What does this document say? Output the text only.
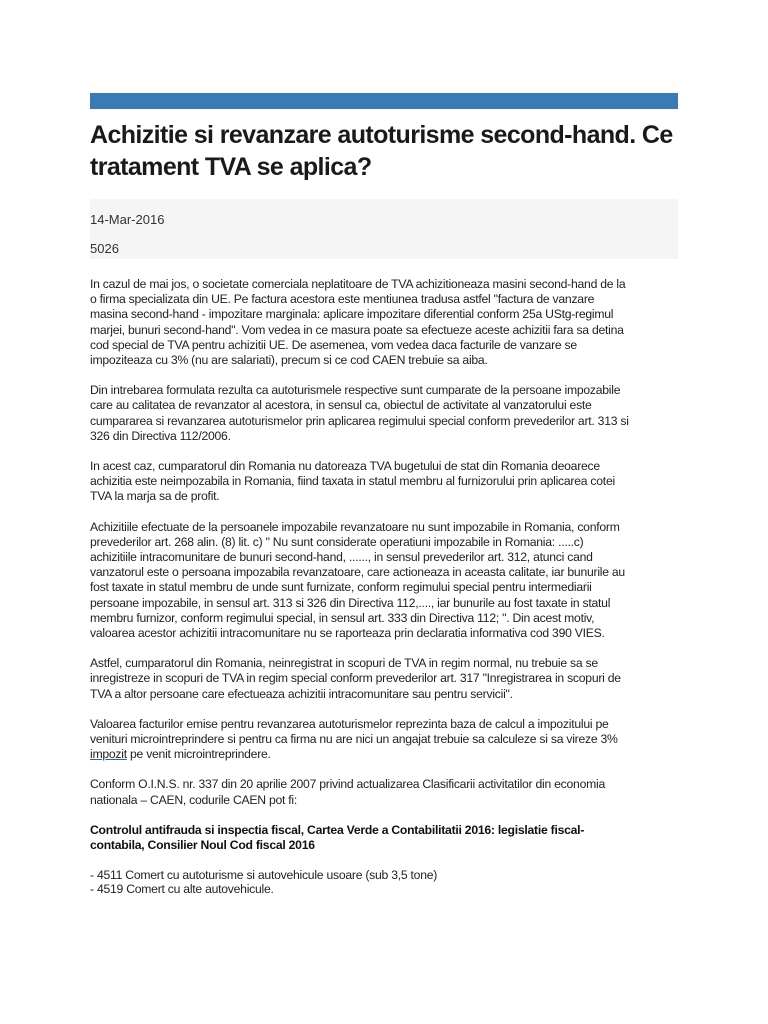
Achizitie si revanzare autoturisme second-hand. Ce tratament TVA se aplica?
14-Mar-2016
5026
In cazul de mai jos, o societate comerciala neplatitoare de TVA achizitioneaza masini second-hand de la
o firma specializata din UE. Pe factura acestora este mentiunea tradusa astfel "factura de vanzare
masina second-hand - impozitare marginala: aplicare impozitare diferential conform 25a UStg-regimul
marjei, bunuri second-hand". Vom vedea in ce masura poate sa efectueze aceste achizitii fara sa detina
cod special de TVA pentru achizitii UE. De asemenea, vom vedea daca facturile de vanzare se
impoziteaza cu 3% (nu are salariati), precum si ce cod CAEN trebuie sa aiba.
Din intrebarea formulata rezulta ca autoturismele respective sunt cumparate de la persoane impozabile
care au calitatea de revanzator al acestora, in sensul ca, obiectul de activitate al vanzatorului este
cumpararea si revanzarea autoturismelor prin aplicarea regimului special conform prevederilor art. 313 si
326 din Directiva 112/2006.
In acest caz, cumparatorul din Romania nu datoreaza TVA bugetului de stat din Romania deoarece
achizitia este neimpozabila in Romania, fiind taxata in statul membru al furnizorului prin aplicarea cotei
TVA la marja sa de profit.
Achizitiile efectuate de la persoanele impozabile revanzatoare nu sunt impozabile in Romania, conform
prevederilor art. 268 alin. (8) lit. c) " Nu sunt considerate operatiuni impozabile in Romania: .....c)
achizitiile intracomunitare de bunuri second-hand, ......, in sensul prevederilor art. 312, atunci cand
vanzatorul este o persoana impozabila revanzatoare, care actioneaza in aceasta calitate, iar bunurile au
fost taxate in statul membru de unde sunt furnizate, conform regimului special pentru intermediarii
persoane impozabile, in sensul art. 313 si 326 din Directiva 112,...., iar bunurile au fost taxate in statul
membru furnizor, conform regimului special, in sensul art. 333 din Directiva 112; ". Din acest motiv,
valoarea acestor achizitii intracomunitare nu se raporteaza prin declaratia informativa cod 390 VIES.
Astfel, cumparatorul din Romania, neinregistrat in scopuri de TVA in regim normal, nu trebuie sa se
inregistreze in scopuri de TVA in regim special conform prevederilor art. 317 "Inregistrarea in scopuri de
TVA a altor persoane care efectueaza achizitii intracomunitare sau pentru servicii".
Valoarea facturilor emise pentru revanzarea autoturismelor reprezinta baza de calcul a impozitului pe
venituri microintreprindere si pentru ca firma nu are nici un angajat trebuie sa calculeze si sa vireze 3%
impozit pe venit microintreprindere.
Conform O.I.N.S. nr. 337 din 20 aprilie 2007 privind actualizarea Clasificarii activitatilor din economia
nationala – CAEN, codurile CAEN pot fi:
Controlul antifrauda si inspectia fiscal, Cartea Verde a Contabilitatii 2016: legislatie fiscal-
contabila, Consilier Noul Cod fiscal 2016
- 4511 Comert cu autoturisme si autovehicule usoare (sub 3,5 tone)
- 4519 Comert cu alte autovehicule.
